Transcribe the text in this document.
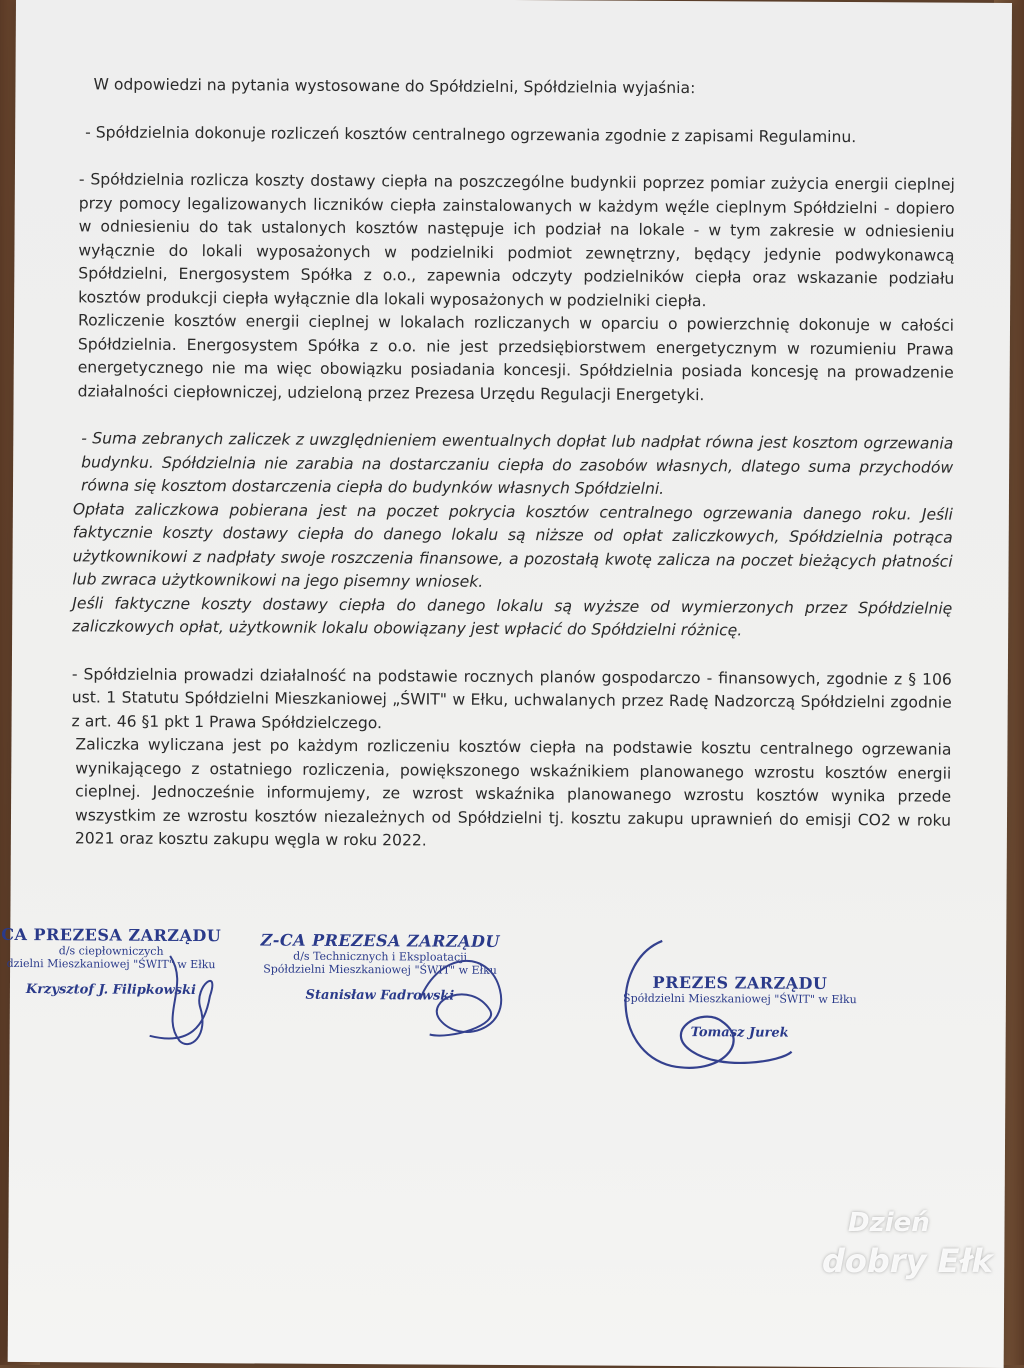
W odpowiedzi na pytania wystosowane do Spółdzielni, Spółdzielnia wyjaśnia:

- Spółdzielnia dokonuje rozliczeń kosztów centralnego ogrzewania zgodnie z zapisami Regulaminu.

- Spółdzielnia rozlicza koszty dostawy ciepła na poszczególne budynkii poprzez pomiar zużycia energii cieplnej przy pomocy legalizowanych liczników ciepła zainstalowanych w każdym węźle cieplnym Spółdzielni - dopiero w odniesieniu do tak ustalonych kosztów następuje ich podział na lokale - w tym zakresie w odniesieniu wyłącznie do lokali wyposażonych w podzielniki podmiot zewnętrzny, będący jedynie podwykonawcą Spółdzielni, Energosystem Spółka z o.o., zapewnia odczyty podzielników ciepła oraz wskazanie podziału kosztów produkcji ciepła wyłącznie dla lokali wyposażonych w podzielniki ciepła.

Rozliczenie kosztów energii cieplnej w lokalach rozliczanych w oparciu o powierzchnię dokonuje w całości Spółdzielnia. Energosystem Spółka z o.o. nie jest przedsiębiorstwem energetycznym w rozumieniu Prawa energetycznego nie ma więc obowiązku posiadania koncesji. Spółdzielnia posiada koncesję na prowadzenie działalności ciepłowniczej, udzieloną przez Prezesa Urzędu Regulacji Energetyki.

- Suma zebranych zaliczek z uwzględnieniem ewentualnych dopłat lub nadpłat równa jest kosztom ogrzewania budynku. Spółdzielnia nie zarabia na dostarczaniu ciepła do zasobów własnych, dlatego suma przychodów równa się kosztom dostarczenia ciepła do budynków własnych Spółdzielni.

Opłata zaliczkowa pobierana jest na poczet pokrycia kosztów centralnego ogrzewania danego roku. Jeśli faktycznie koszty dostawy ciepła do danego lokalu są niższe od opłat zaliczkowych, Spółdzielnia potrąca użytkownikowi z nadpłaty swoje roszczenia finansowe, a pozostałą kwotę zalicza na poczet bieżących płatności lub zwraca użytkownikowi na jego pisemny wniosek.

Jeśli faktyczne koszty dostawy ciepła do danego lokalu są wyższe od wymierzonych przez Spółdzielnię zaliczkowych opłat, użytkownik lokalu obowiązany jest wpłacić do Spółdzielni różnicę.

- Spółdzielnia prowadzi działalność na podstawie rocznych planów gospodarczo - finansowych, zgodnie z § 106 ust. 1 Statutu Spółdzielni Mieszkaniowej „ŚWIT" w Ełku, uchwalanych przez Radę Nadzorczą Spółdzielni zgodnie z art. 46 §1 pkt 1 Prawa Spółdzielczego.

Zaliczka wyliczana jest po każdym rozliczeniu kosztów ciepła na podstawie kosztu centralnego ogrzewania wynikającego z ostatniego rozliczenia, powiększonego wskaźnikiem planowanego wzrostu kosztów energii cieplnej. Jednocześnie informujemy, ze wzrost wskaźnika planowanego wzrostu kosztów wynika przede wszystkim ze wzrostu kosztów niezależnych od Spółdzielni tj. kosztu zakupu uprawnień do emisji CO2 w roku 2021 oraz kosztu zakupu węgla w roku 2022.

CA PREZESA ZARZĄDU
d/s ciepłowniczych
dzielni Mieszkaniowej "ŚWIT" w Ełku
Krzysztof J. Filipkowski
Z-CA PREZESA ZARZĄDU
d/s Technicznych i Eksploatacji
Spółdzielni Mieszkaniowej "ŚWIT" w Ełku
Stanisław Fadrowski
PREZES ZARZĄDU
Spółdzielni Mieszkaniowej "ŚWIT" w Ełku
Tomasz Jurek
Dzień
dobry Ełk
